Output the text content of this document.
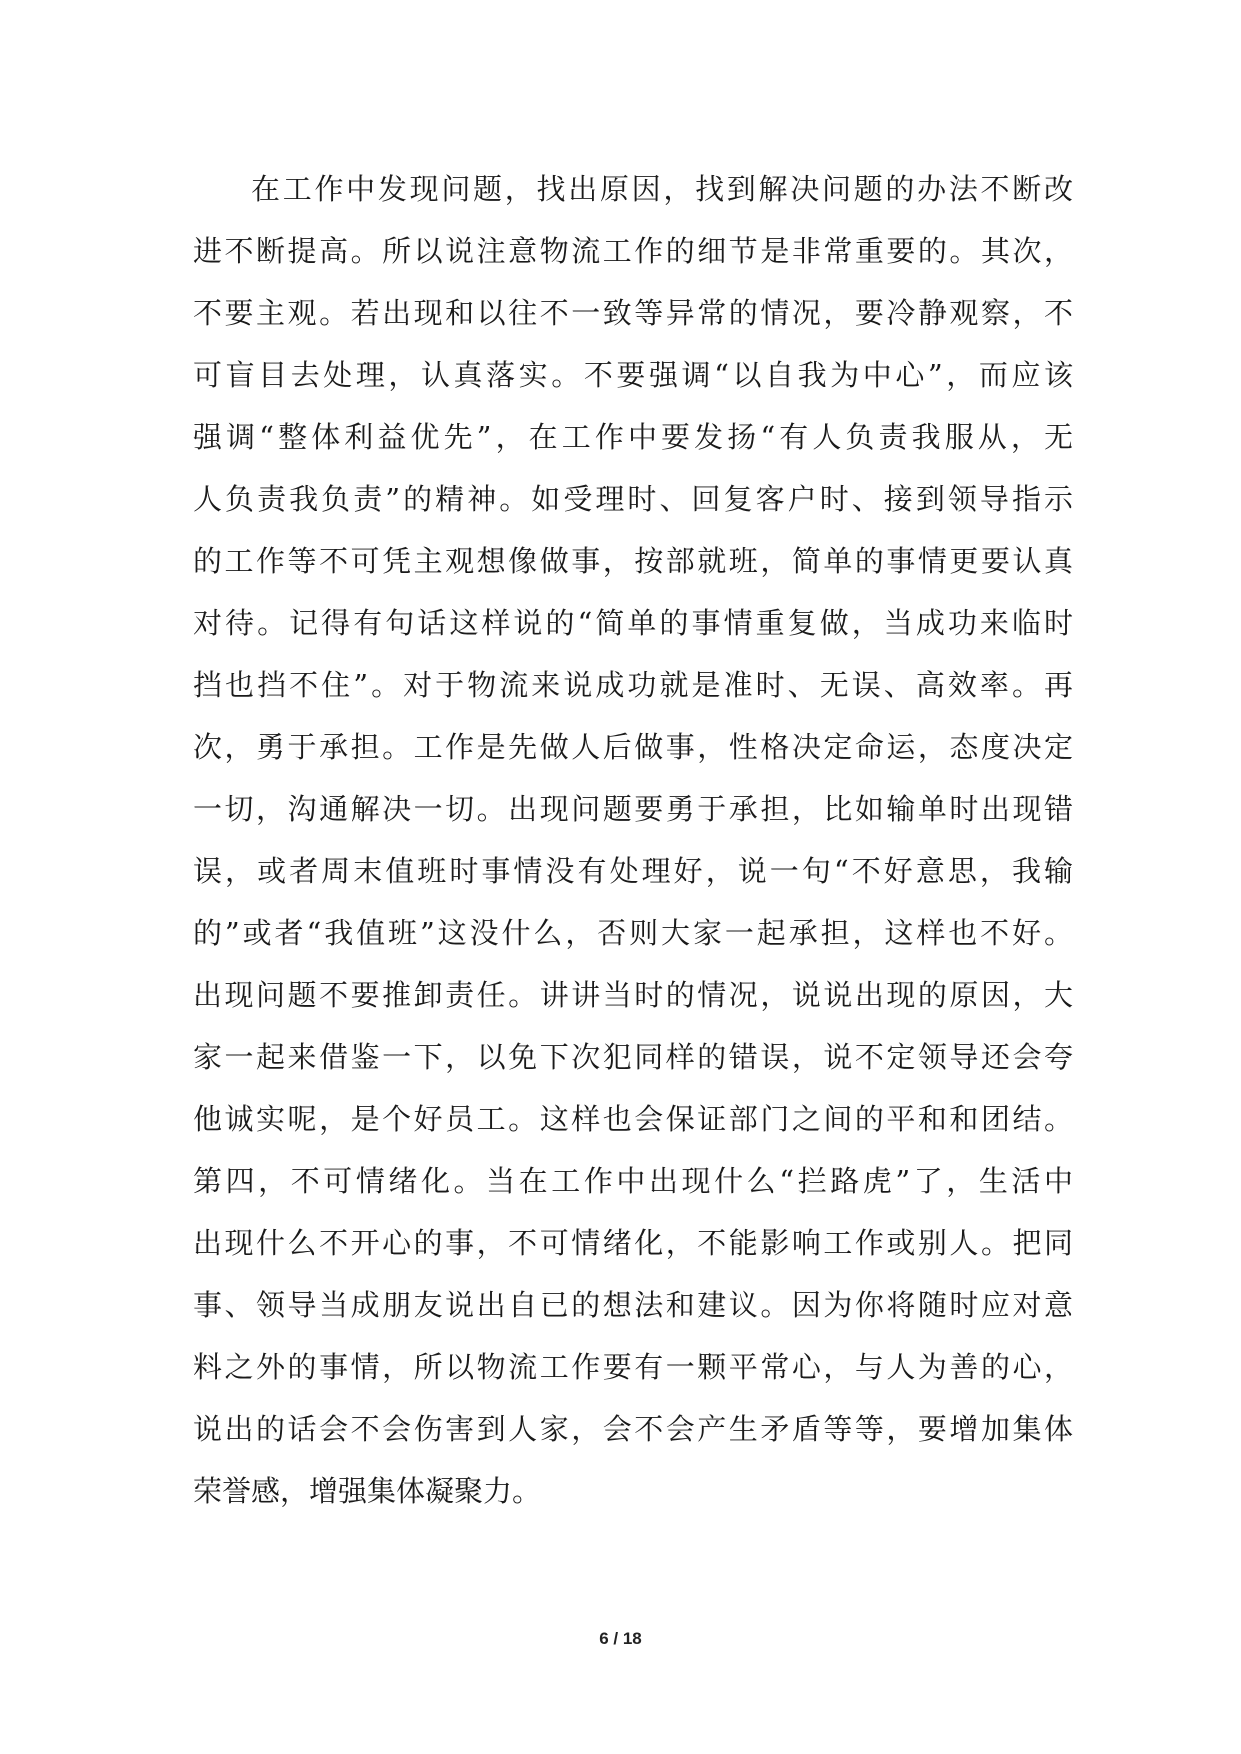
在工作中发现问题，找出原因，找到解决问题的办法不断改
进不断提高。所以说注意物流工作的细节是非常重要的。其次，
不要主观。若出现和以往不一致等异常的情况，要冷静观察，不
可盲目去处理，认真落实。不要强调“以自我为中心”，而应该
强调“整体利益优先”，在工作中要发扬“有人负责我服从，无
人负责我负责”的精神。如受理时、回复客户时、接到领导指示
的工作等不可凭主观想像做事，按部就班，简单的事情更要认真
对待。记得有句话这样说的“简单的事情重复做，当成功来临时
挡也挡不住”。对于物流来说成功就是准时、无误、高效率。再
次，勇于承担。工作是先做人后做事，性格决定命运，态度决定
一切，沟通解决一切。出现问题要勇于承担，比如输单时出现错
误，或者周末值班时事情没有处理好，说一句“不好意思，我输
的”或者“我值班”这没什么，否则大家一起承担，这样也不好。
出现问题不要推卸责任。讲讲当时的情况，说说出现的原因，大
家一起来借鉴一下，以免下次犯同样的错误，说不定领导还会夸
他诚实呢，是个好员工。这样也会保证部门之间的平和和团结。
第四，不可情绪化。当在工作中出现什么“拦路虎”了，生活中
出现什么不开心的事，不可情绪化，不能影响工作或别人。把同
事、领导当成朋友说出自已的想法和建议。因为你将随时应对意
料之外的事情，所以物流工作要有一颗平常心，与人为善的心，
说出的话会不会伤害到人家，会不会产生矛盾等等，要增加集体
荣誉感，增强集体凝聚力。
6 / 18
